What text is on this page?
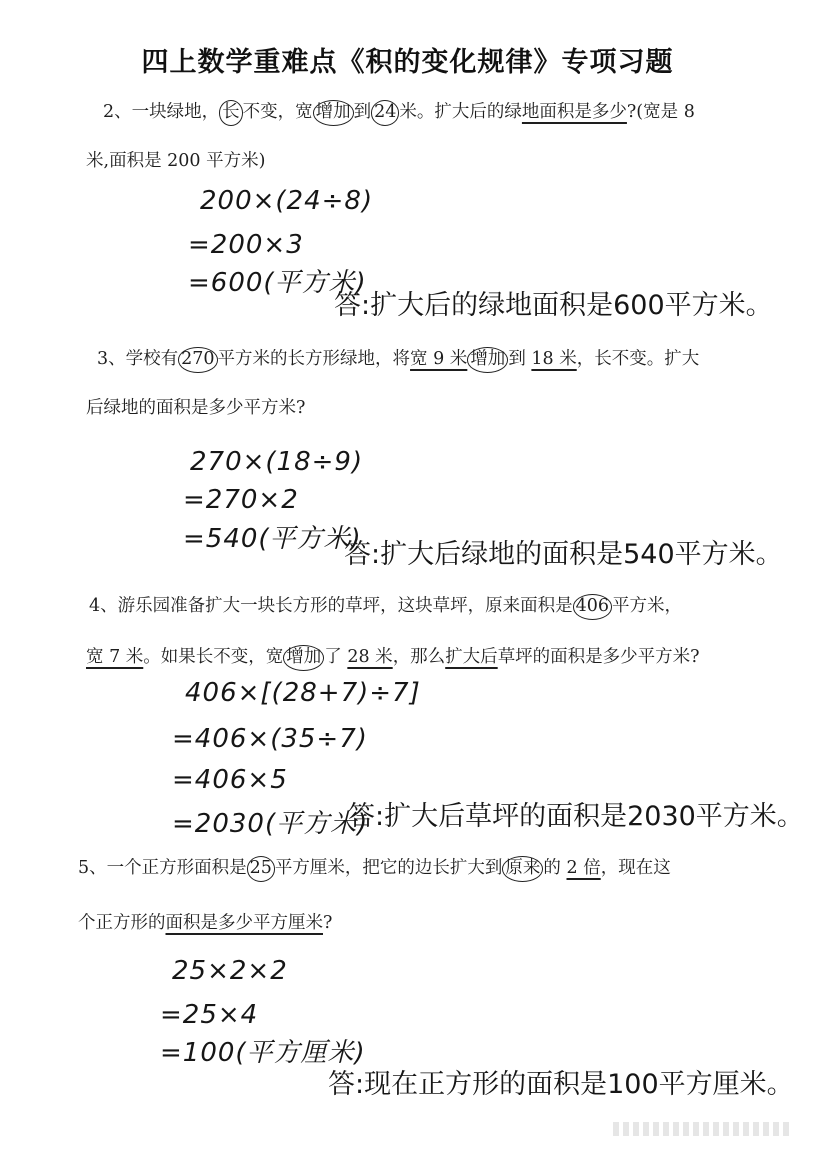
四上数学重难点《积的变化规律》专项习题
2、一块绿地， 长 不变，宽 增加 到 24 米。扩大后的绿地面积是多少?(宽是 8
米,面积是 200 平方米)
200×(24÷8)
=200×3
=600(平方米)
答:扩大后的绿地面积是600平方米。
3、学校有 270 平方米的长方形绿地，将宽 9 米 增加 到 18 米，长不变。扩大
后绿地的面积是多少平方米?
270×(18÷9)
=270×2
=540(平方米)
答:扩大后绿地的面积是540平方米。
4、游乐园准备扩大一块长方形的草坪，这块草坪，原来面积是 406 平方米，
宽 7 米。如果长不变，宽 增加 了 28 米，那么扩大后草坪的面积是多少平方米?
406×[(28+7)÷7]
=406×(35÷7)
=406×5
=2030(平方米)
答:扩大后草坪的面积是2030平方米。
5、一个正方形面积是 25 平方厘米，把它的边长扩大到 原来 的 2 倍，现在这
个正方形的面积是多少平方厘米?
25×2×2
=25×4
=100(平方厘米)
答:现在正方形的面积是100平方厘米。
